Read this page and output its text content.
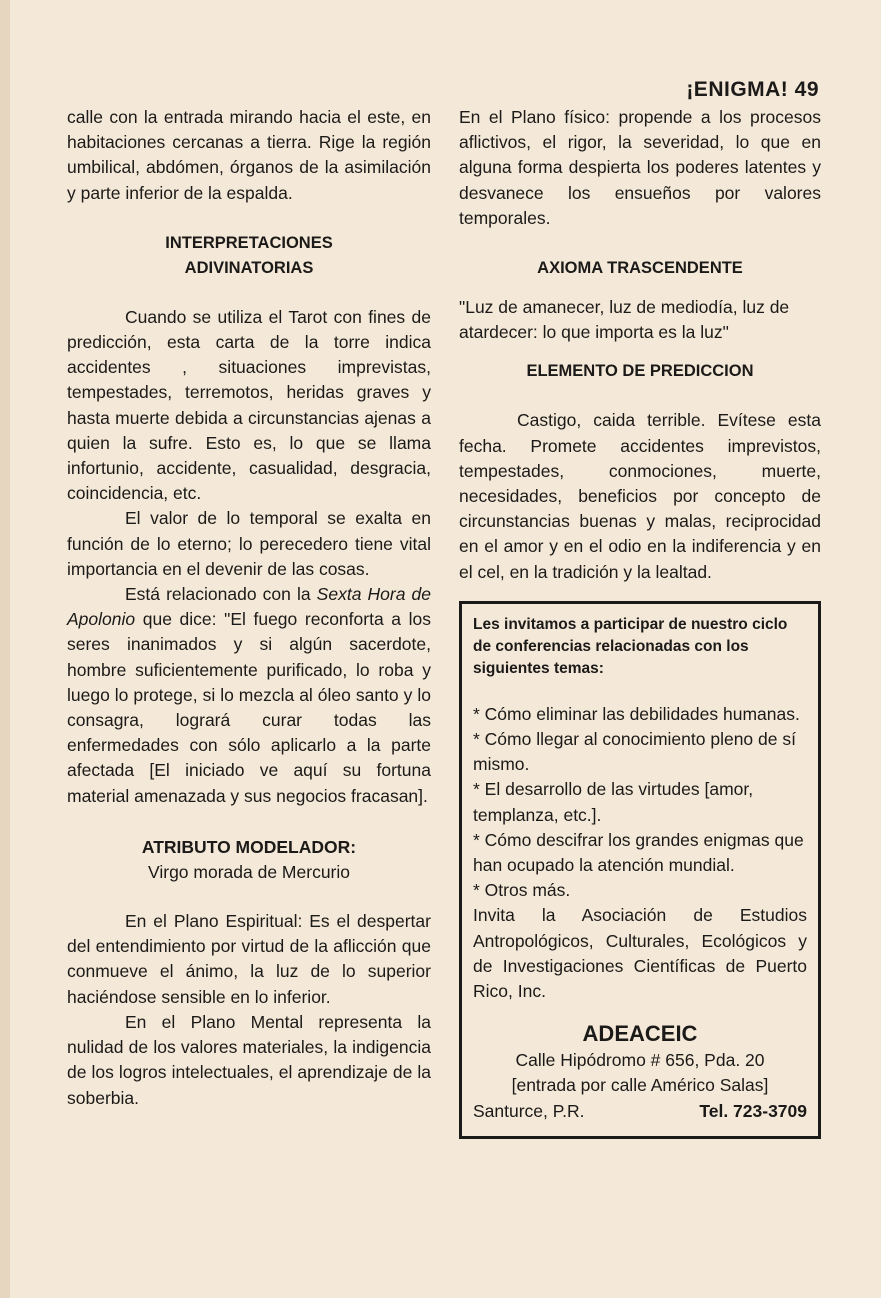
¡ENIGMA! 49

calle con la entrada mirando hacia el este, en habitaciones cercanas a tierra. Rige la región umbilical, abdómen, órganos de la asimilación y parte inferior de la espalda.

INTERPRETACIONES
ADIVINATORIAS

Cuando se utiliza el Tarot con fines de predicción, esta carta de la torre indica accidentes , situaciones imprevistas, tempestades, terremotos, heridas graves y hasta muerte debida a circunstancias ajenas a quien la sufre. Esto es, lo que se llama infortunio, accidente, casualidad, desgracia, coincidencia, etc.

El valor de lo temporal se exalta en función de lo eterno; lo perecedero tiene vital importancia en el devenir de las cosas.

Está relacionado con la Sexta Hora de Apolonio que dice: "El fuego reconforta a los seres inanimados y si algún sacerdote, hombre suficientemente purificado, lo roba y luego lo protege, si lo mezcla al óleo santo y lo consagra, logrará curar todas las enfermedades con sólo aplicarlo a la parte afectada [El iniciado ve aquí su fortuna material amenazada y sus negocios fracasan].

ATRIBUTO MODELADOR:

Virgo morada de Mercurio

En el Plano Espiritual: Es el despertar del entendimiento por virtud de la aflicción que conmueve el ánimo, la luz de lo superior haciéndose sensible en lo inferior.

En el Plano Mental representa la nulidad de los valores materiales, la indigencia de los logros intelectuales, el aprendizaje de la soberbia.

En el Plano físico: propende a los procesos aflictivos, el rigor, la severidad, lo que en alguna forma despierta los poderes latentes y desvanece los ensueños por valores temporales.

AXIOMA TRASCENDENTE

"Luz de amanecer, luz de mediodía, luz de atardecer: lo que importa es la luz"

ELEMENTO DE PREDICCION

Castigo, caida terrible. Evítese esta fecha. Promete accidentes imprevistos, tempestades, conmociones, muerte, necesidades, beneficios por concepto de circunstancias buenas y malas, reciprocidad en el amor y en el odio en la indiferencia y en el cel, en la tradición y la lealtad.

Les invitamos a participar de nuestro ciclo de conferencias relacionadas con los siguientes temas:

* Cómo eliminar las debilidades humanas.

* Cómo llegar al conocimiento pleno de sí mismo.

* El desarrollo de las virtudes [amor, templanza, etc.].

* Cómo descifrar los grandes enigmas que han ocupado la atención mundial.

* Otros más.

Invita la Asociación de Estudios Antropológicos, Culturales, Ecológicos y de Investigaciones Científicas de Puerto Rico, Inc.

ADEACEIC

Calle Hipódromo # 656, Pda. 20

[entrada por calle Américo Salas]

Santurce, P.R.	Tel. 723-3709
